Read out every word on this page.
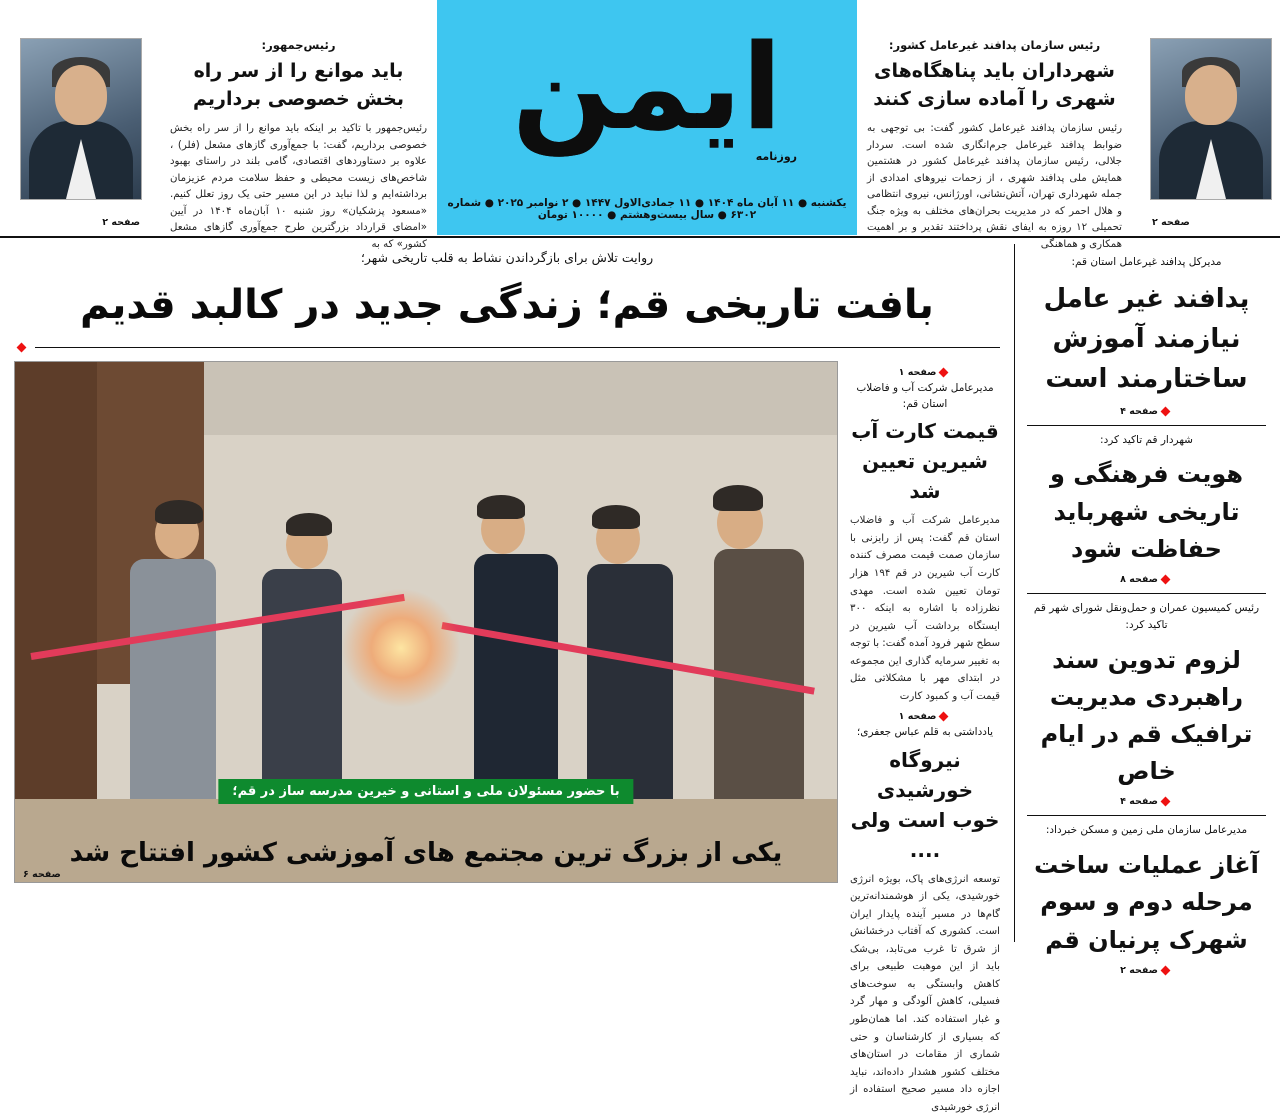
صفحه ۲
رئیس سازمان پدافند غیرعامل کشور:
شهرداران باید پناهگاه‌های شهری را آماده سازی کنند
رئیس سازمان پدافند غیرعامل کشور گفت: بی توجهی به ضوابط پدافند غیرعامل جرم‌انگاری شده است. سردار جلالی، رئیس سازمان پدافند غیرعامل کشور در هشتمین همایش ملی پدافند شهری ، از زحمات نیروهای امدادی از جمله شهرداری تهران، آتش‌نشانی، اورژانس، نیروی انتظامی و هلال احمر که در مدیریت بحران‌های مختلف به ویژه جنگ تحمیلی ۱۲ روزه به ایفای نقش پرداختند تقدیر و بر اهمیت همکاری و هماهنگی
ایمن
روزنامه
یکشنبه ● ۱۱ آبان ماه ۱۴۰۴ ● ۱۱ جمادی‌الاول ۱۴۴۷ ● ۲ نوامبر ۲۰۲۵ ● شماره ۶۳۰۲ ● سال بیست‌وهشتم ● ۱۰۰۰۰ تومان
رئیس‌جمهور:
باید موانع را از سر راه بخش خصوصی برداریم
رئیس‌جمهور با تاکید بر اینکه باید موانع را از سر راه بخش خصوصی برداریم، گفت: با جمع‌آوری گازهای مشعل (فلر) ، علاوه بر دستاوردهای اقتصادی، گامی بلند در راستای بهبود شاخص‌های زیست محیطی و حفظ سلامت مردم عزیزمان برداشته‌ایم و لذا نباید در این مسیر حتی یک روز تعلل کنیم. «مسعود پزشکیان» روز شنبه ۱۰ آبان‌ماه ۱۴۰۴ در آیین «امضای قرارداد بزرگترین طرح جمع‌آوری گازهای مشعل کشور» که به
صفحه ۲
مدیرکل پدافند غیرعامل استان قم:
پدافند غیر عامل نیازمند آموزش ساختارمند است
صفحه ۴
شهردار قم تاکید کرد:
هویت فرهنگی و تاریخی شهرباید حفاظت شود
صفحه ۸
رئیس کمیسیون عمران و حمل‌ونقل شورای شهر قم تاکید کرد:
لزوم تدوین سند راهبردی مدیریت ترافیک قم در ایام خاص
صفحه ۴
مدیرعامل سازمان ملی زمین و مسکن خبرداد:
آغاز عملیات ساخت مرحله دوم و سوم شهرک پرنیان قم
صفحه ۲
روایت تلاش برای بازگرداندن نشاط به قلب تاریخی شهر؛
بافت تاریخی قم؛ زندگی جدید در کالبد قدیم
صفحه ۱
مدیرعامل شرکت آب و فاضلاب استان قم:
قیمت کارت آب شیرین تعیین شد
مدیرعامل شرکت آب و فاضلاب استان قم گفت: پس از رایزنی با سازمان صمت قیمت مصرف کننده کارت آب شیرین در قم ۱۹۴ هزار تومان تعیین شده است. مهدی نظرزاده با اشاره به اینکه ۳۰۰ ایستگاه برداشت آب شیرین در سطح شهر فرود آمده گفت: با توجه به تغییر سرمایه گذاری این مجموعه در ابتدای مهر با مشکلاتی مثل قیمت آب و کمبود کارت
صفحه ۱
یادداشتی به قلم عباس جعفری؛
نیروگاه خورشیدی خوب است ولی ....
توسعه انرژی‌های پاک، بویژه انرژی خورشیدی، یکی از هوشمندانه‌ترین گام‌ها در مسیر آینده پایدار ایران است. کشوری که آفتاب درخشانش از شرق تا غرب می‌تابد، بی‌شک باید از این موهبت طبیعی برای کاهش وابستگی به سوخت‌های فسیلی، کاهش آلودگی و مهار گرد و غبار استفاده کند. اما همان‌طور که بسیاری از کارشناسان و حتی شماری از مقامات در استان‌های مختلف کشور هشدار داده‌اند، نباید اجازه داد مسیر صحیح استفاده از انرژی خورشیدی
با حضور مسئولان ملی و استانی و خیرین مدرسه ساز در قم؛
یکی از بزرگ ترین مجتمع های آموزشی کشور افتتاح شد
صفحه ۶
